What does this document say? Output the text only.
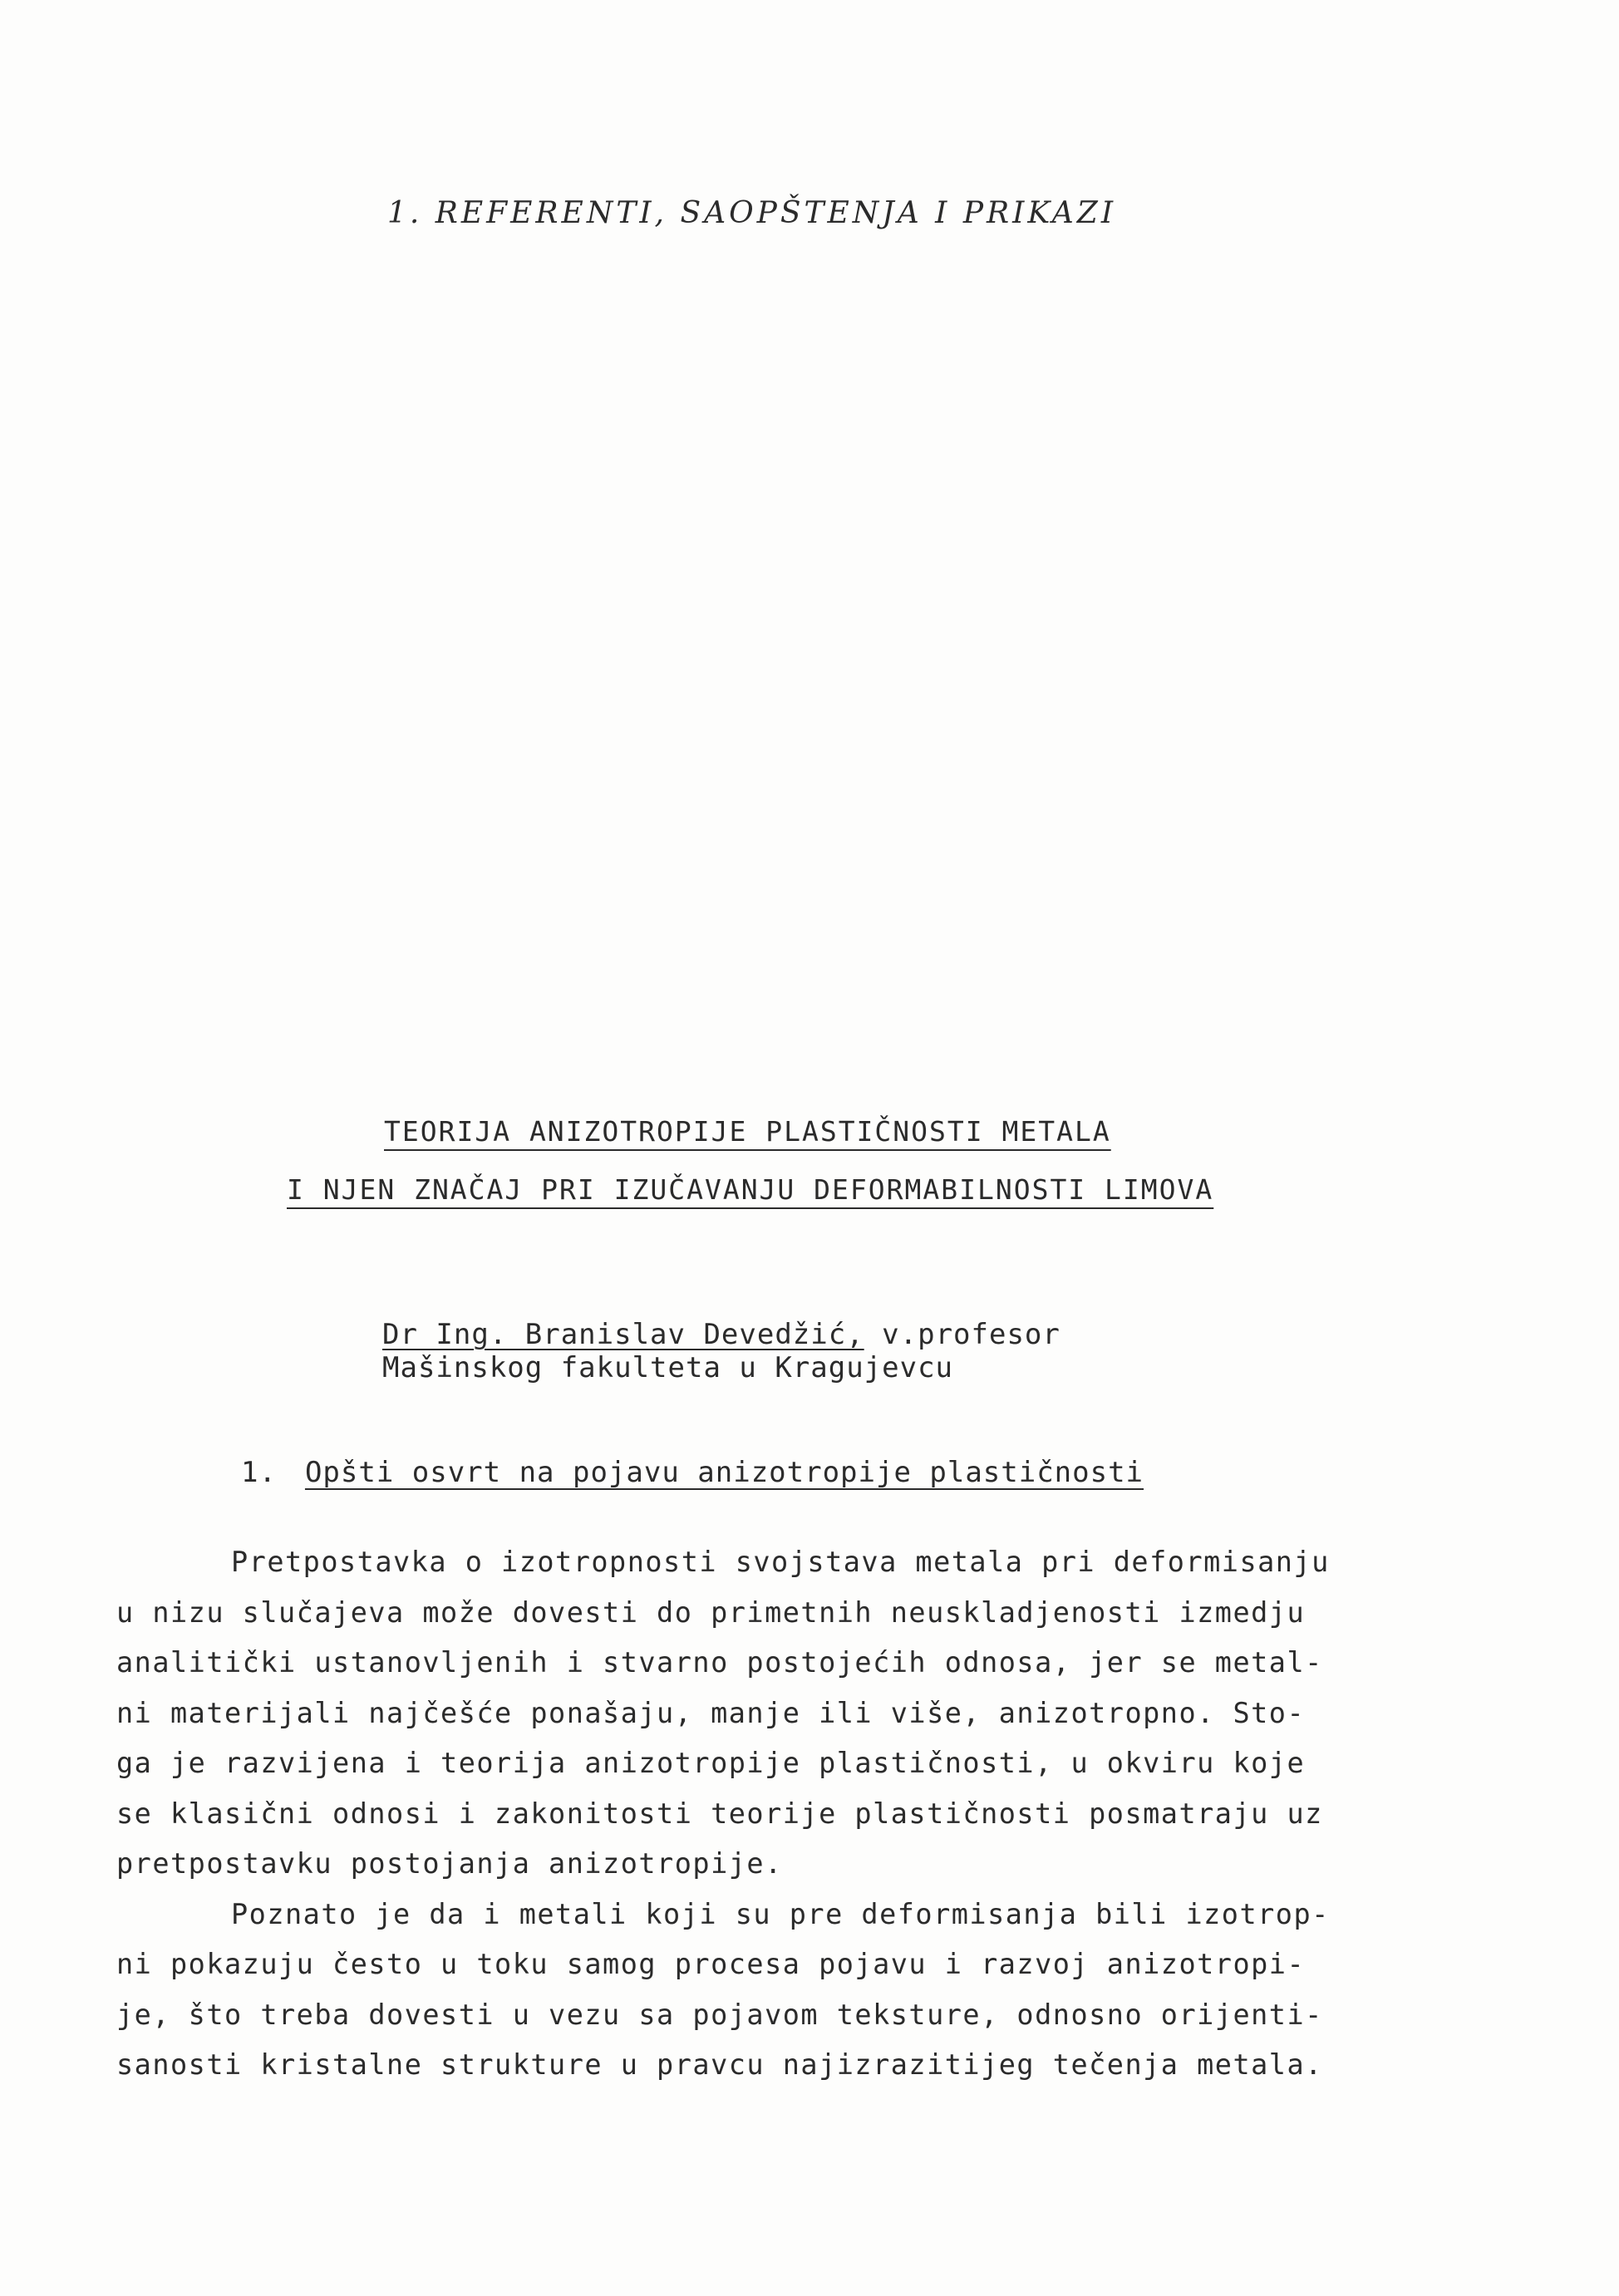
1. REFERENTI, SAOPŠTENJA I PRIKAZI
TEORIJA ANIZOTROPIJE PLASTIČNOSTI METALA
I NJEN ZNAČAJ PRI IZUČAVANJU DEFORMABILNOSTI LIMOVA
Dr Ing. Branislav Devedžić, v.profesor
Mašinskog fakulteta u Kragujevcu
1. Opšti osvrt na pojavu anizotropije plastičnosti

Pretpostavka o izotropnosti svojstava metala pri deformisanju
u nizu slučajeva može dovesti do primetnih neuskladjenosti izmedju
analitički ustanovljenih i stvarno postojećih odnosa, jer se metal-
ni materijali najčešće ponašaju, manje ili više, anizotropno. Sto-
ga je razvijena i teorija anizotropije plastičnosti, u okviru koje
se klasični odnosi i zakonitosti teorije plastičnosti posmatraju uz
pretpostavku postojanja anizotropije.

Poznato je da i metali koji su pre deformisanja bili izotrop-
ni pokazuju često u toku samog procesa pojavu i razvoj anizotropi-
je, što treba dovesti u vezu sa pojavom teksture, odnosno orijenti-
sanosti kristalne strukture u pravcu najizrazitijeg tečenja metala.
